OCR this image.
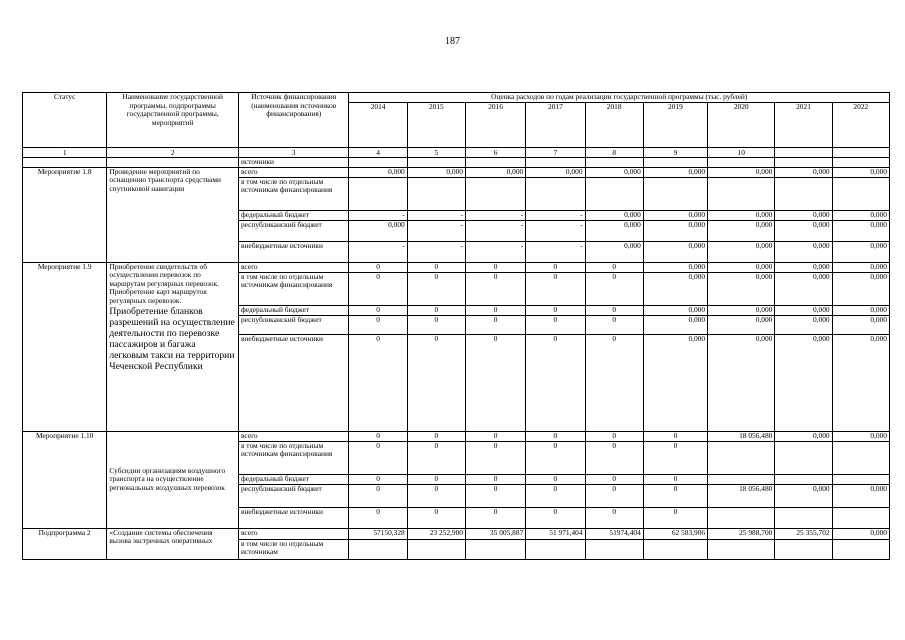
187
Статус	Наименование государственной программы, подпрограммы государственной программы, мероприятий	Источник финансирования (наименования источников финансирования)	Оценка расходов по годам реализации государственной программы (тыс. рублей)								
			2014	2015	2016	2017	2018	2019	2020	2021	2022
1	2	3	4	5	6	7	8	9	10		
		источники									
Мероприятие 1.8	Проведение мероприятий по оснащению транспорта средствами спутниковой навигации	всего	0,000	0,000	0,000	0,000	0,000	0,000	0,000	0,000	0,000
		в том числе по отдельным источникам финансирования									
		федеральный бюджет	-	-	-	-	0,000	0,000	0,000	0,000	0,000
		республиканский бюджет	0,000	-	-	-	0,000	0,000	0,000	0,000	0,000
		внебюджетные источники	-	-	-	-	0,000	0,000	0,000	0,000	0,000
Мероприятие 1.9	Приобретение свидетельств об осуществлении перевозок по маршрутам регулярных перевозок.
Приобретение карт маршрутов регулярных перевозок.
Приобретение бланков разрешений на осуществление деятельности по перевозке пассажиров и багажа легковым такси на территории Чеченской Республики	всего	0	0	0	0	0	0,000	0,000	0,000	0,000
		в том числе по отдельным источникам финансирования	0	0	0	0	0	0,000	0,000	0,000	0,000
		федеральный бюджет	0	0	0	0	0	0,000	0,000	0,000	0,000
		республиканский бюджет	0	0	0	0	0	0,000	0,000	0,000	0,000
		внебюджетные источники	0	0	0	0	0	0,000	0,000	0,000	0,000
Мероприятие 1.10	Субсидии организациям воздушного транспорта на осуществление региональных воздушных перевозок	всего	0	0	0	0	0	0	18 056,480	0,000	0,000
		в том числе по отдельным источникам финансирования	0	0	0	0	0	0			
		федеральный бюджет	0	0	0	0	0	0			
		республиканский бюджет	0	0	0	0	0	0	18 056,480	0,000	0,000
		внебюджетные источники	0	0	0	0	0	0			
Подпрограмма 2	«Создание системы обеспечения вызова экстренных оперативных	всего	57150,328	23 252,900	35 005,887	51 971,404	51974,404	62 583,906	25 988,700	25 355,702	0,000
		в том числе по отдельным источникам									
